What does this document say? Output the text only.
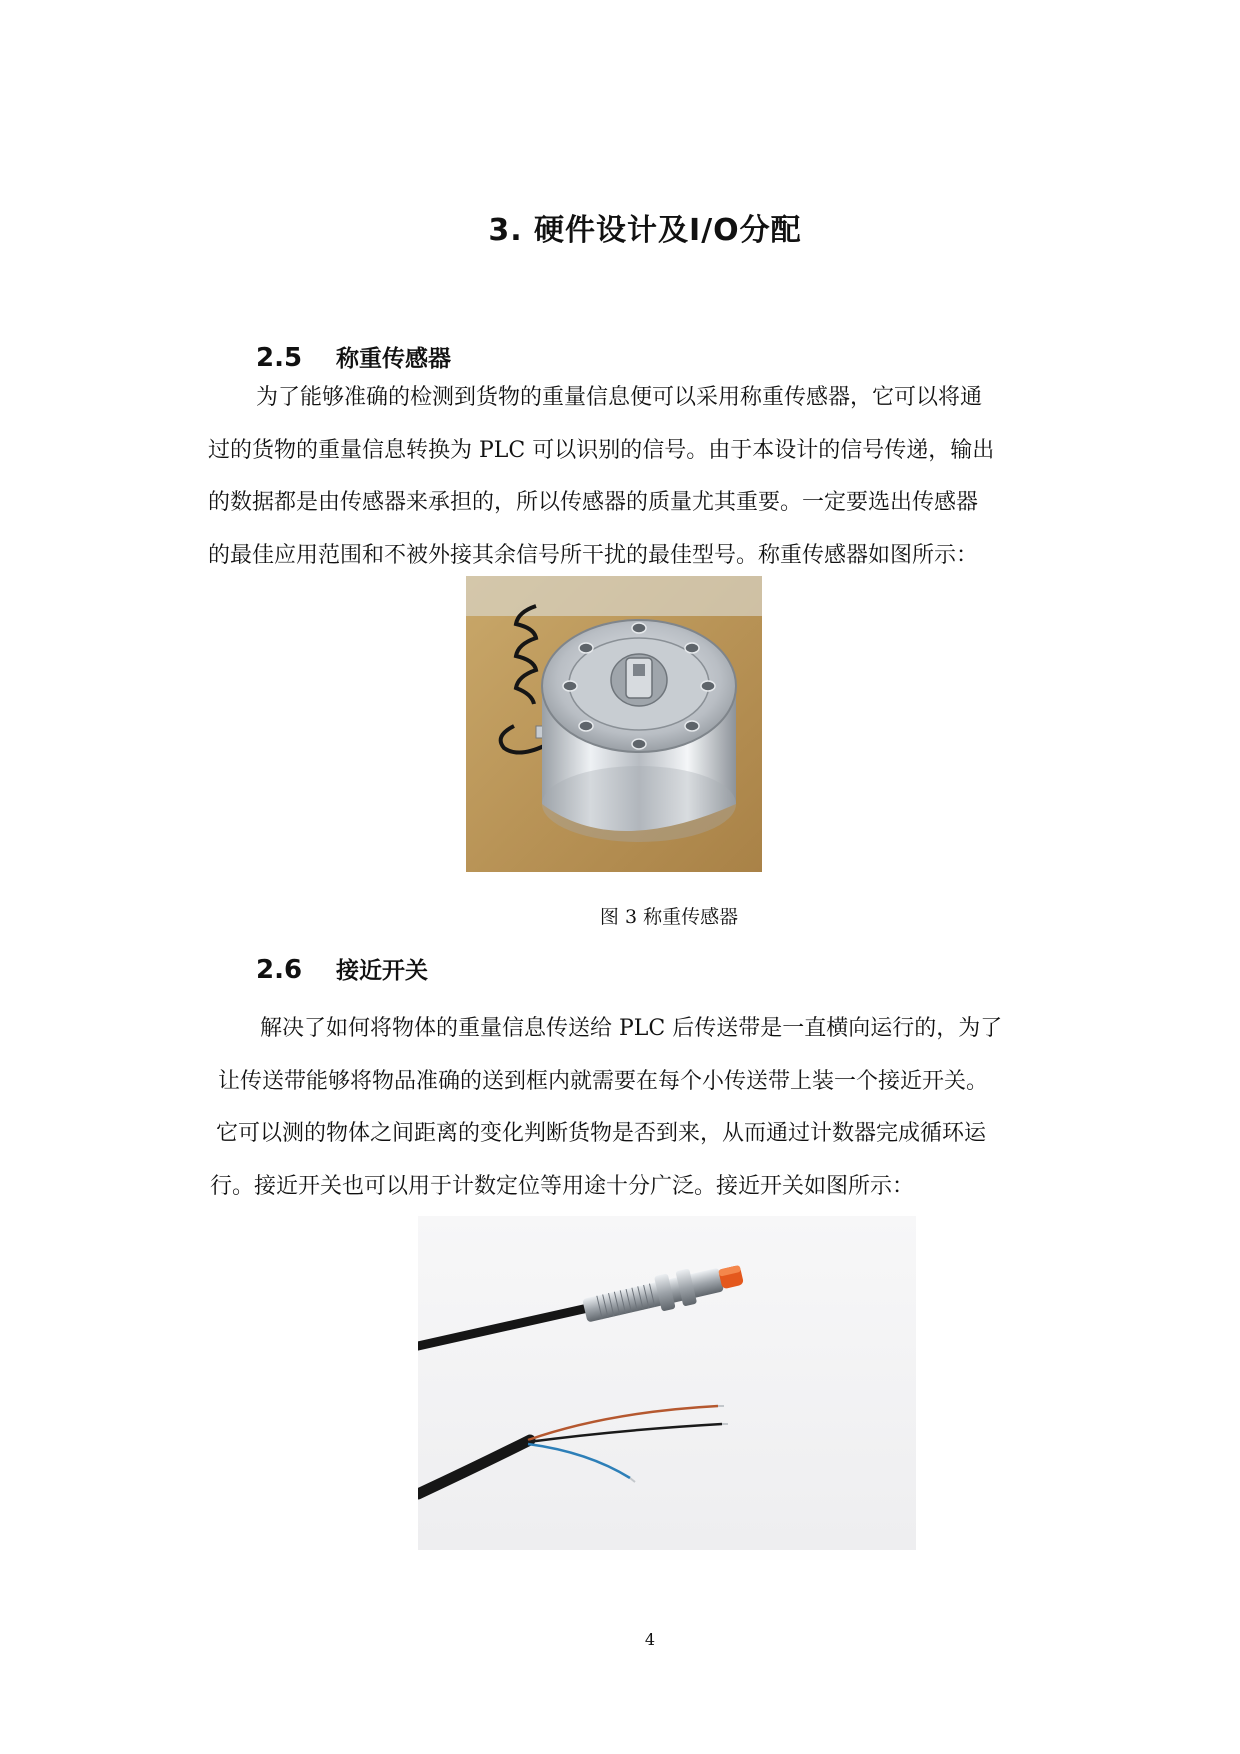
3. 硬件设计及I/O分配
2.5 称重传感器
为了能够准确的检测到货物的重量信息便可以采用称重传感器，它可以将通
过的货物的重量信息转换为 PLC 可以识别的信号。由于本设计的信号传递，输出
的数据都是由传感器来承担的，所以传感器的质量尤其重要。一定要选出传感器
的最佳应用范围和不被外接其余信号所干扰的最佳型号。称重传感器如图所示：
图 3 称重传感器
2.6 接近开关
解决了如何将物体的重量信息传送给 PLC 后传送带是一直横向运行的，为了
让传送带能够将物品准确的送到框内就需要在每个小传送带上装一个接近开关。
它可以测的物体之间距离的变化判断货物是否到来，从而通过计数器完成循环运
行。接近开关也可以用于计数定位等用途十分广泛。接近开关如图所示：
4
